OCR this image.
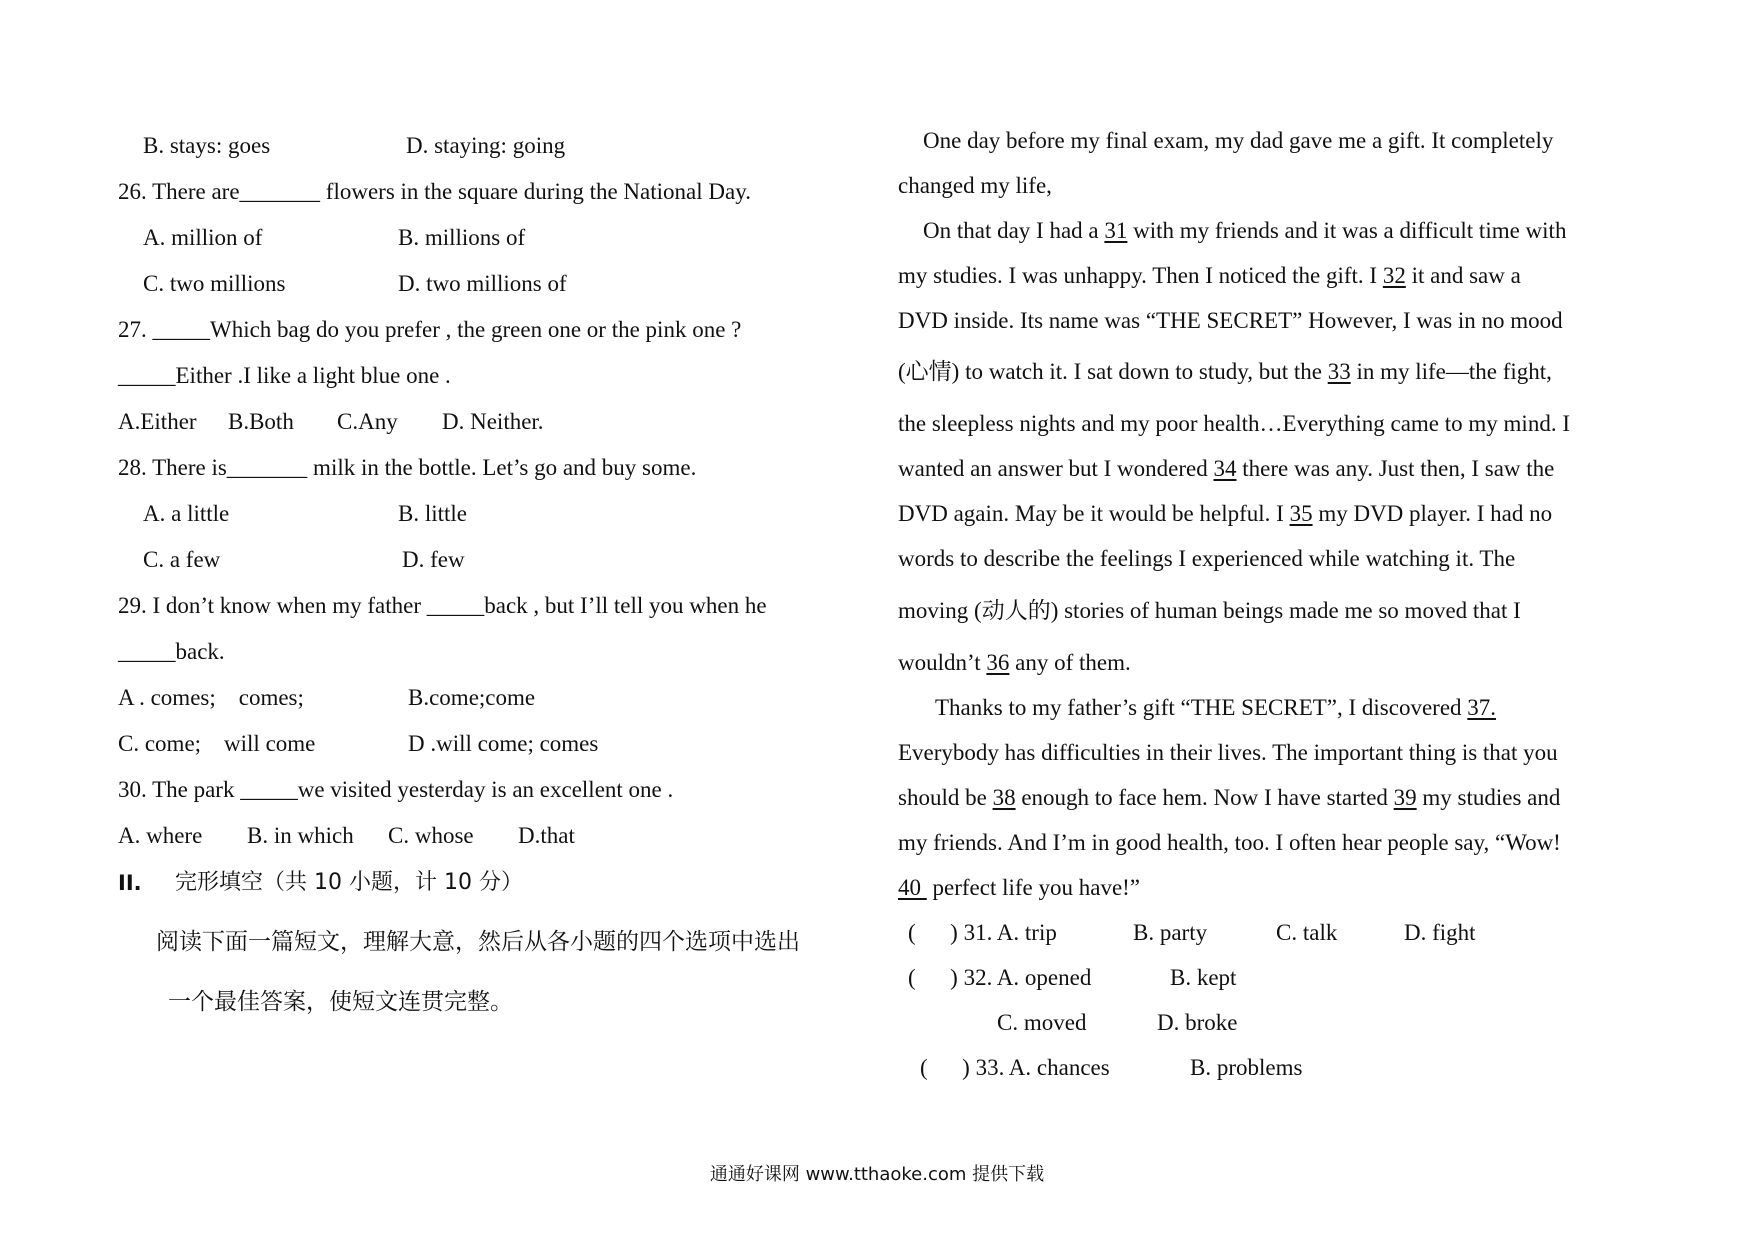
B. stays: goes	D. staying: going
26. There are_______ flowers in the square during the National Day.
A. million of	B. millions of
C. two millions	D. two millions of
27. _____Which bag do you prefer , the green one or the pink one ?
_____Either .I like a light blue one .
A.Either B.Both C.Any D. Neither.
28. There is_______ milk in the bottle. Let’s go and buy some.
A. a little	B. little
C. a few	D. few
29. I don’t know when my father _____back , but I’ll tell you when he
_____back.
A . comes;    comes;	B.come;come
C. come;    will come	D .will come; comes
30. The park _____we visited yesterday is an excellent one .
A. where B. in which C. whose D.that
II. 完形填空（共 10 小题，计 10 分）
阅读下面一篇短文，理解大意，然后从各小题的四个选项中选出
一个最佳答案，使短文连贯完整。
One day before my final exam, my dad gave me a gift. It completely
changed my life,
On that day I had a 31 with my friends and it was a difficult time with
my studies. I was unhappy. Then I noticed the gift. I 32 it and saw a
DVD inside. Its name was “THE SECRET” However, I was in no mood
(心情) to watch it. I sat down to study, but the 33 in my life—the fight,
the sleepless nights and my poor health…Everything came to my mind. I
wanted an answer but I wondered 34 there was any. Just then, I saw the
DVD again. May be it would be helpful. I 35 my DVD player. I had no
words to describe the feelings I experienced while watching it. The
moving (动人的) stories of human beings made me so moved that I
wouldn’t 36 any of them.
Thanks to my father’s gift “THE SECRET”, I discovered 37.
Everybody has difficulties in their lives. The important thing is that you
should be 38 enough to face hem. Now I have started 39 my studies and
my friends. And I’m in good health, too. I often hear people say, “Wow!
40  perfect life you have!”
(      ) 31. A. trip	B. party	C. talk	D. fight
(      ) 32. A. opened	B. kept
C. moved	D. broke
(      ) 33. A. chances	B. problems
通通好课网 www.tthaoke.com 提供下载
